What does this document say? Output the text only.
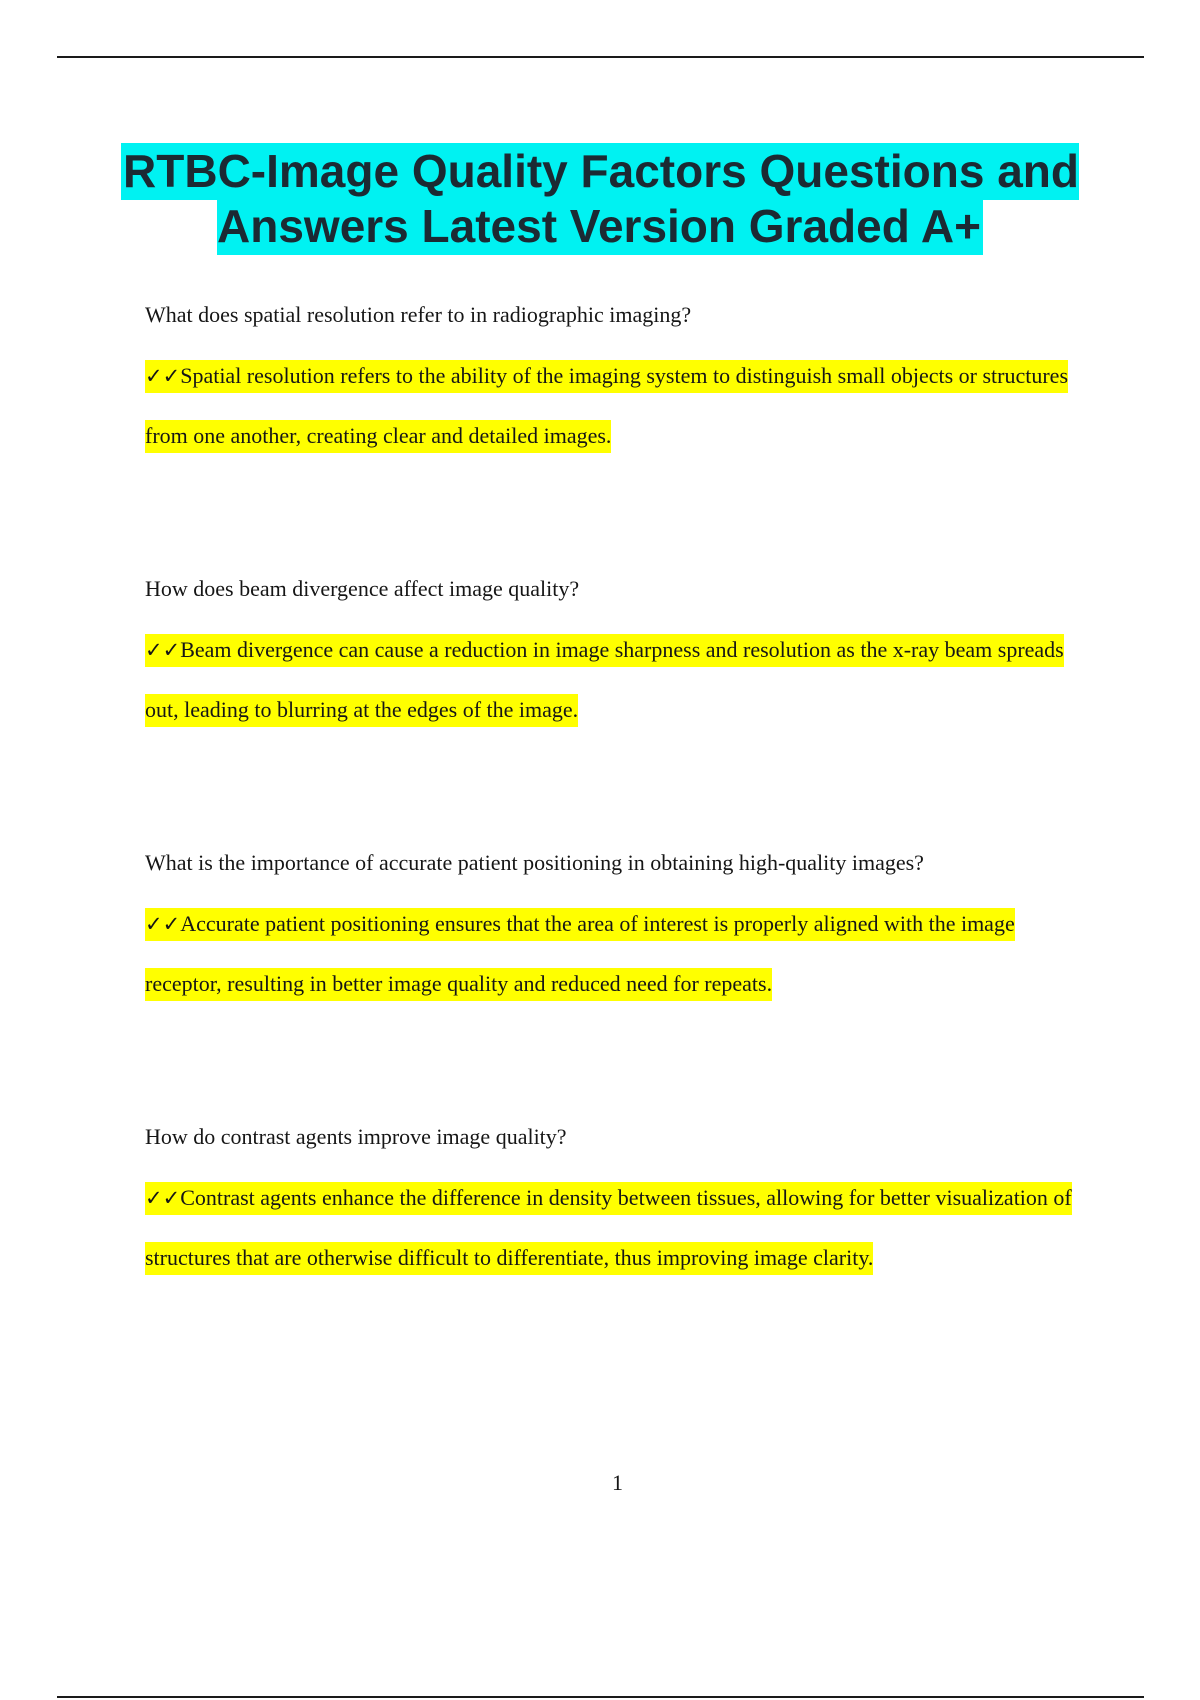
RTBC-Image Quality Factors Questions and Answers Latest Version Graded A+

What does spatial resolution refer to in radiographic imaging?

✓✓Spatial resolution refers to the ability of the imaging system to distinguish small objects or structures from one another, creating clear and detailed images.

How does beam divergence affect image quality?

✓✓Beam divergence can cause a reduction in image sharpness and resolution as the x-ray beam spreads out, leading to blurring at the edges of the image.

What is the importance of accurate patient positioning in obtaining high-quality images?

✓✓Accurate patient positioning ensures that the area of interest is properly aligned with the image receptor, resulting in better image quality and reduced need for repeats.

How do contrast agents improve image quality?

✓✓Contrast agents enhance the difference in density between tissues, allowing for better visualization of structures that are otherwise difficult to differentiate, thus improving image clarity.

1
